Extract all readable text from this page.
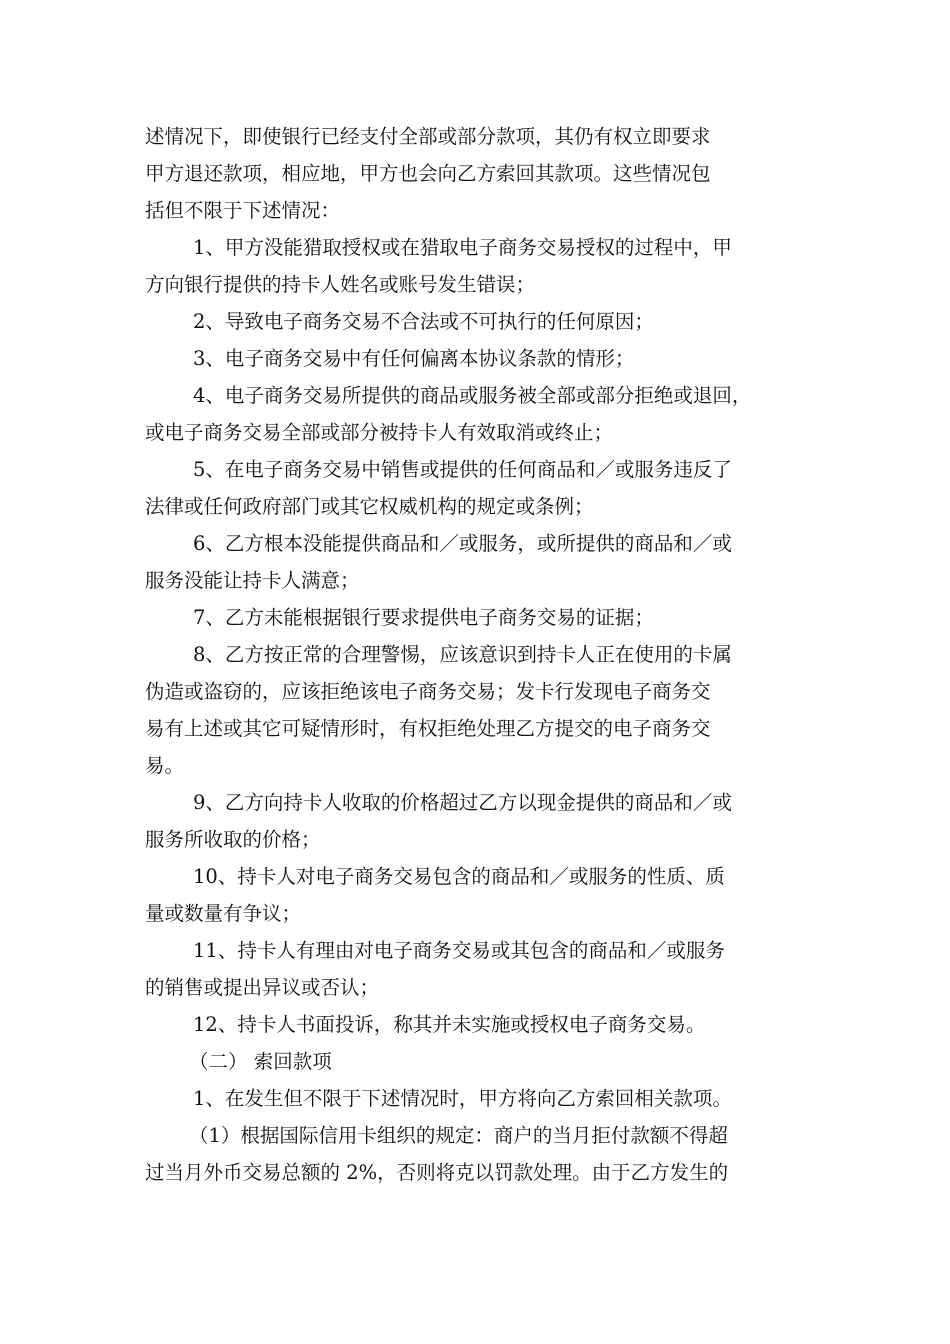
述情况下，即使银行已经支付全部或部分款项，其仍有权立即要求
甲方退还款项，相应地，甲方也会向乙方索回其款项。这些情况包
括但不限于下述情况：
1、甲方没能猎取授权或在猎取电子商务交易授权的过程中，甲
方向银行提供的持卡人姓名或账号发生错误；
2、导致电子商务交易不合法或不可执行的任何原因；
3、电子商务交易中有任何偏离本协议条款的情形；
4、电子商务交易所提供的商品或服务被全部或部分拒绝或退回，
或电子商务交易全部或部分被持卡人有效取消或终止；
5、在电子商务交易中销售或提供的任何商品和／或服务违反了
法律或任何政府部门或其它权威机构的规定或条例；
6、乙方根本没能提供商品和／或服务，或所提供的商品和／或
服务没能让持卡人满意；
7、乙方未能根据银行要求提供电子商务交易的证据；
8、乙方按正常的合理警惕，应该意识到持卡人正在使用的卡属
伪造或盗窃的，应该拒绝该电子商务交易；发卡行发现电子商务交
易有上述或其它可疑情形时，有权拒绝处理乙方提交的电子商务交
易。
9、乙方向持卡人收取的价格超过乙方以现金提供的商品和／或
服务所收取的价格；
10、持卡人对电子商务交易包含的商品和／或服务的性质、质
量或数量有争议；
11、持卡人有理由对电子商务交易或其包含的商品和／或服务
的销售或提出异议或否认；
12、持卡人书面投诉，称其并未实施或授权电子商务交易。
（二） 索回款项
1、在发生但不限于下述情况时，甲方将向乙方索回相关款项。
（1）根据国际信用卡组织的规定：商户的当月拒付款额不得超
过当月外币交易总额的 2%，否则将克以罚款处理。由于乙方发生的
